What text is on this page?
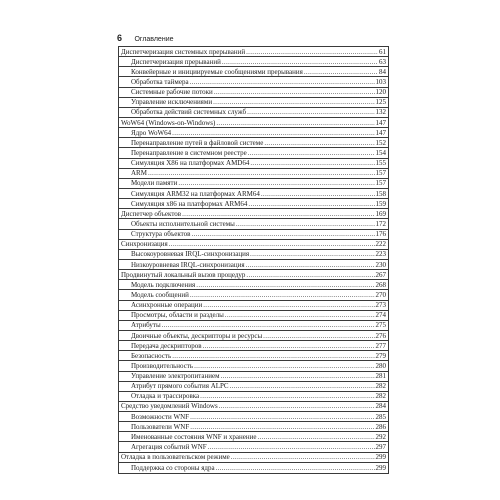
6 Оглавление
Диспетчеризация системных прерываний .....	61
Диспетчеризация прерываний .....	63
Конвейерные и инициируемые сообщениями прерывания .....	84
Обработка таймера .....	103
Системные рабочие потоки .....	120
Управление исключениями .....	125
Обработка действий системных служб .....	132
WoW64 (Windows-on-Windows) .....	147
Ядро WoW64 .....	147
Перенаправление путей в файловой системе .....	152
Перенаправление в системном реестре .....	154
Симуляция X86 на платформах AMD64 .....	155
ARM .....	157
Модели памяти .....	157
Симуляция ARM32 на платформах ARM64 .....	158
Симуляция x86 на платформах ARM64 .....	159
Диспетчер объектов .....	169
Объекты исполнительной системы .....	172
Структура объектов .....	176
Синхронизация .....	222
Высокоуровневая IRQL-синхронизация .....	223
Низкоуровневая IRQL-синхронизация .....	230
Продвинутый локальный вызов процедур .....	267
Модель подключения .....	268
Модель сообщений .....	270
Асинхронные операции .....	273
Просмотры, области и разделы .....	274
Атрибуты .....	275
Двоичные объекты, дескрипторы и ресурсы .....	276
Передача дескрипторов .....	277
Безопасность .....	279
Производительность .....	280
Управление электропитанием .....	281
Атрибут прямого события ALPC .....	282
Отладка и трассировка .....	282
Средство уведомлений Windows .....	284
Возможности WNF .....	285
Пользователи WNF .....	286
Именованные состояния WNF и хранение .....	292
Агрегация событий WNF .....	297
Отладка в пользовательском режиме .....	299
Поддержка со стороны ядра .....	299
